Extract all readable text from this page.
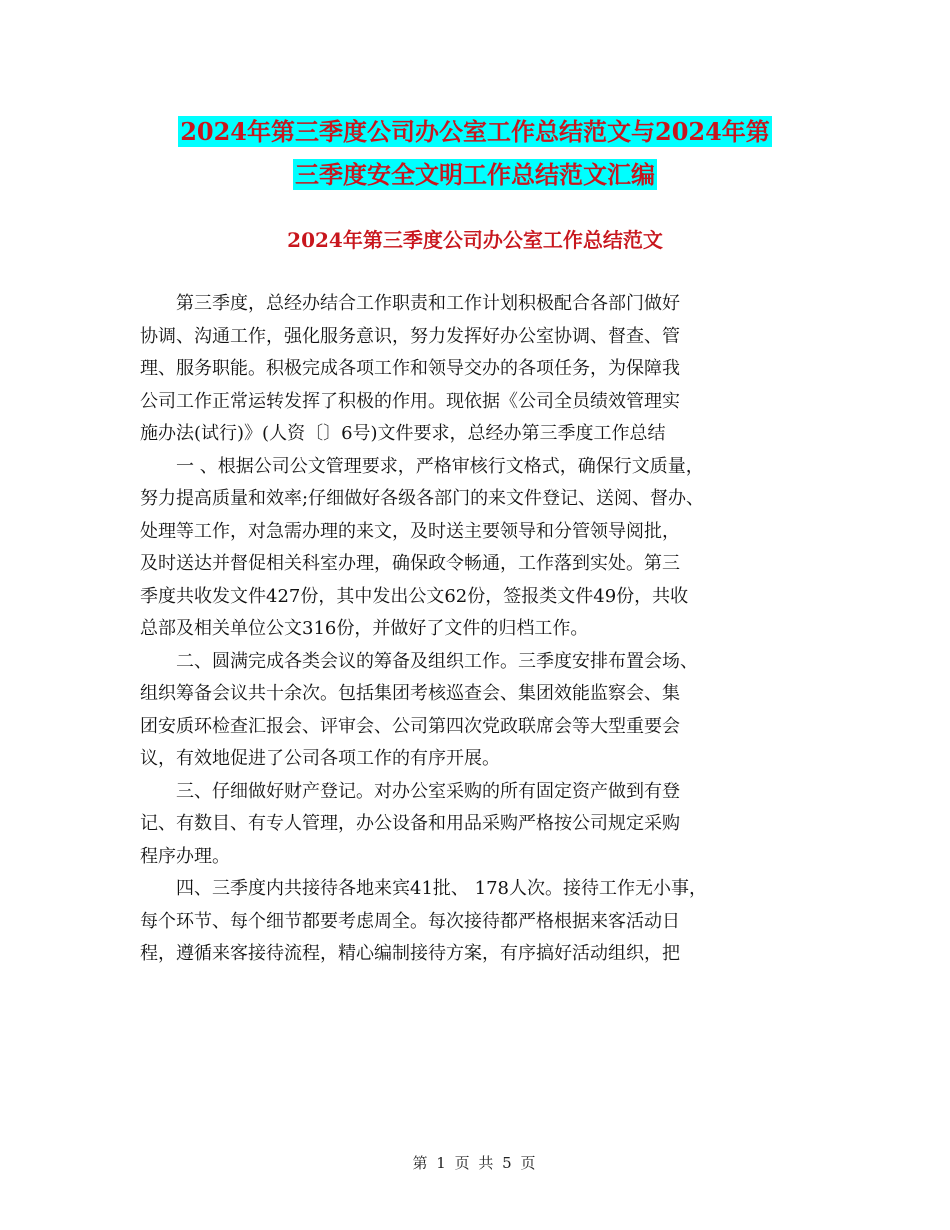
2024年第三季度公司办公室工作总结范文与2024年第
三季度安全文明工作总结范文汇编
2024年第三季度公司办公室工作总结范文

　　第三季度，总经办结合工作职责和工作计划积极配合各部门做好

协调、沟通工作，强化服务意识，努力发挥好办公室协调、督查、管

理、服务职能。积极完成各项工作和领导交办的各项任务，为保障我

公司工作正常运转发挥了积极的作用。现依据《公司全员绩效管理实

施办法(试行)》(人资〔〕6号)文件要求，总经办第三季度工作总结

　　一 、根据公司公文管理要求，严格审核行文格式，确保行文质量，

努力提高质量和效率;仔细做好各级各部门的来文件登记、送阅、督办、

处理等工作，对急需办理的来文，及时送主要领导和分管领导阅批，

及时送达并督促相关科室办理，确保政令畅通，工作落到实处。第三

季度共收发文件427份，其中发出公文62份，签报类文件49份，共收

总部及相关单位公文316份，并做好了文件的归档工作。

　　二、圆满完成各类会议的筹备及组织工作。三季度安排布置会场、

组织筹备会议共十余次。包括集团考核巡查会、集团效能监察会、集

团安质环检查汇报会、评审会、公司第四次党政联席会等大型重要会

议，有效地促进了公司各项工作的有序开展。

　　三、仔细做好财产登记。对办公室采购的所有固定资产做到有登

记、有数目、有专人管理，办公设备和用品采购严格按公司规定采购

程序办理。

　　四、三季度内共接待各地来宾41批、 178人次。接待工作无小事，

每个环节、每个细节都要考虑周全。每次接待都严格根据来客活动日

程，遵循来客接待流程，精心编制接待方案，有序搞好活动组织，把

第 1 页 共 5 页
